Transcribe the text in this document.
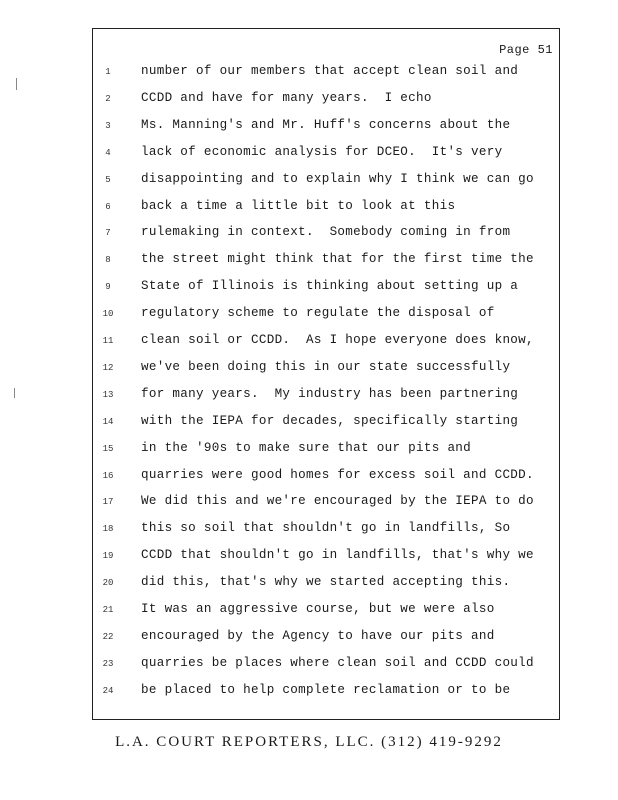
Page 51
1	number of our members that accept clean soil and
2	CCDD and have for many years.  I echo
3	Ms. Manning's and Mr. Huff's concerns about the
4	lack of economic analysis for DCEO.  It's very
5	disappointing and to explain why I think we can go
6	back a time a little bit to look at this
7	rulemaking in context.  Somebody coming in from
8	the street might think that for the first time the
9	State of Illinois is thinking about setting up a
10	regulatory scheme to regulate the disposal of
11	clean soil or CCDD.  As I hope everyone does know,
12	we've been doing this in our state successfully
13	for many years.  My industry has been partnering
14	with the IEPA for decades, specifically starting
15	in the '90s to make sure that our pits and
16	quarries were good homes for excess soil and CCDD.
17	We did this and we're encouraged by the IEPA to do
18	this so soil that shouldn't go in landfills, So
19	CCDD that shouldn't go in landfills, that's why we
20	did this, that's why we started accepting this.
21	It was an aggressive course, but we were also
22	encouraged by the Agency to have our pits and
23	quarries be places where clean soil and CCDD could
24	be placed to help complete reclamation or to be
L.A. COURT REPORTERS, LLC. (312) 419-9292
